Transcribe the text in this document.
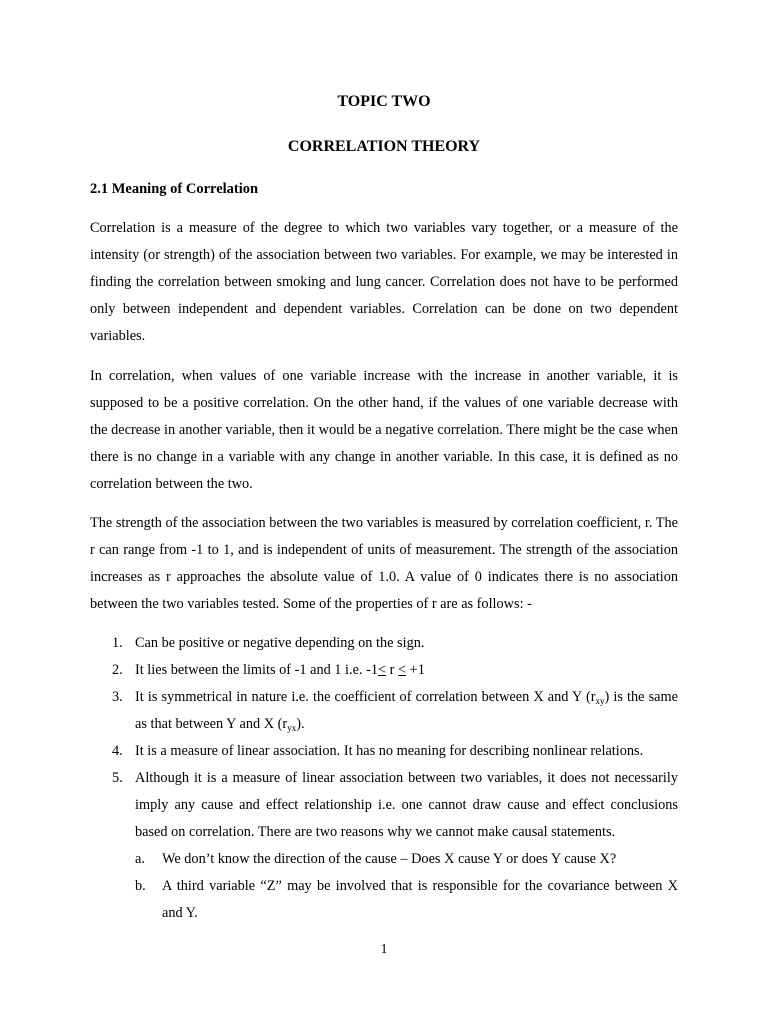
TOPIC TWO
CORRELATION THEORY
2.1 Meaning of Correlation

Correlation is a measure of the degree to which two variables vary together, or a measure of the intensity (or strength) of the association between two variables. For example, we may be interested in finding the correlation between smoking and lung cancer. Correlation does not have to be performed only between independent and dependent variables. Correlation can be done on two dependent variables.

In correlation, when values of one variable increase with the increase in another variable, it is supposed to be a positive correlation. On the other hand, if the values of one variable decrease with the decrease in another variable, then it would be a negative correlation. There might be the case when there is no change in a variable with any change in another variable. In this case, it is defined as no correlation between the two.

The strength of the association between the two variables is measured by correlation coefficient, r. The r can range from -1 to 1, and is independent of units of measurement. The strength of the association increases as r approaches the absolute value of 1.0. A value of 0 indicates there is no association between the two variables tested. Some of the properties of r are as follows: -

1. Can be positive or negative depending on the sign.
2. It lies between the limits of -1 and 1 i.e. -1≤ r ≤ +1
3. It is symmetrical in nature i.e. the coefficient of correlation between X and Y $(r_{xy})$ is the same as that between Y and X $(r_{yx})$.
4. It is a measure of linear association. It has no meaning for describing nonlinear relations.
5. Although it is a measure of linear association between two variables, it does not necessarily imply any cause and effect relationship i.e. one cannot draw cause and effect conclusions based on correlation. There are two reasons why we cannot make causal statements.
a. We don’t know the direction of the cause – Does X cause Y or does Y cause X?
b. A third variable “Z” may be involved that is responsible for the covariance between X and Y.
1
